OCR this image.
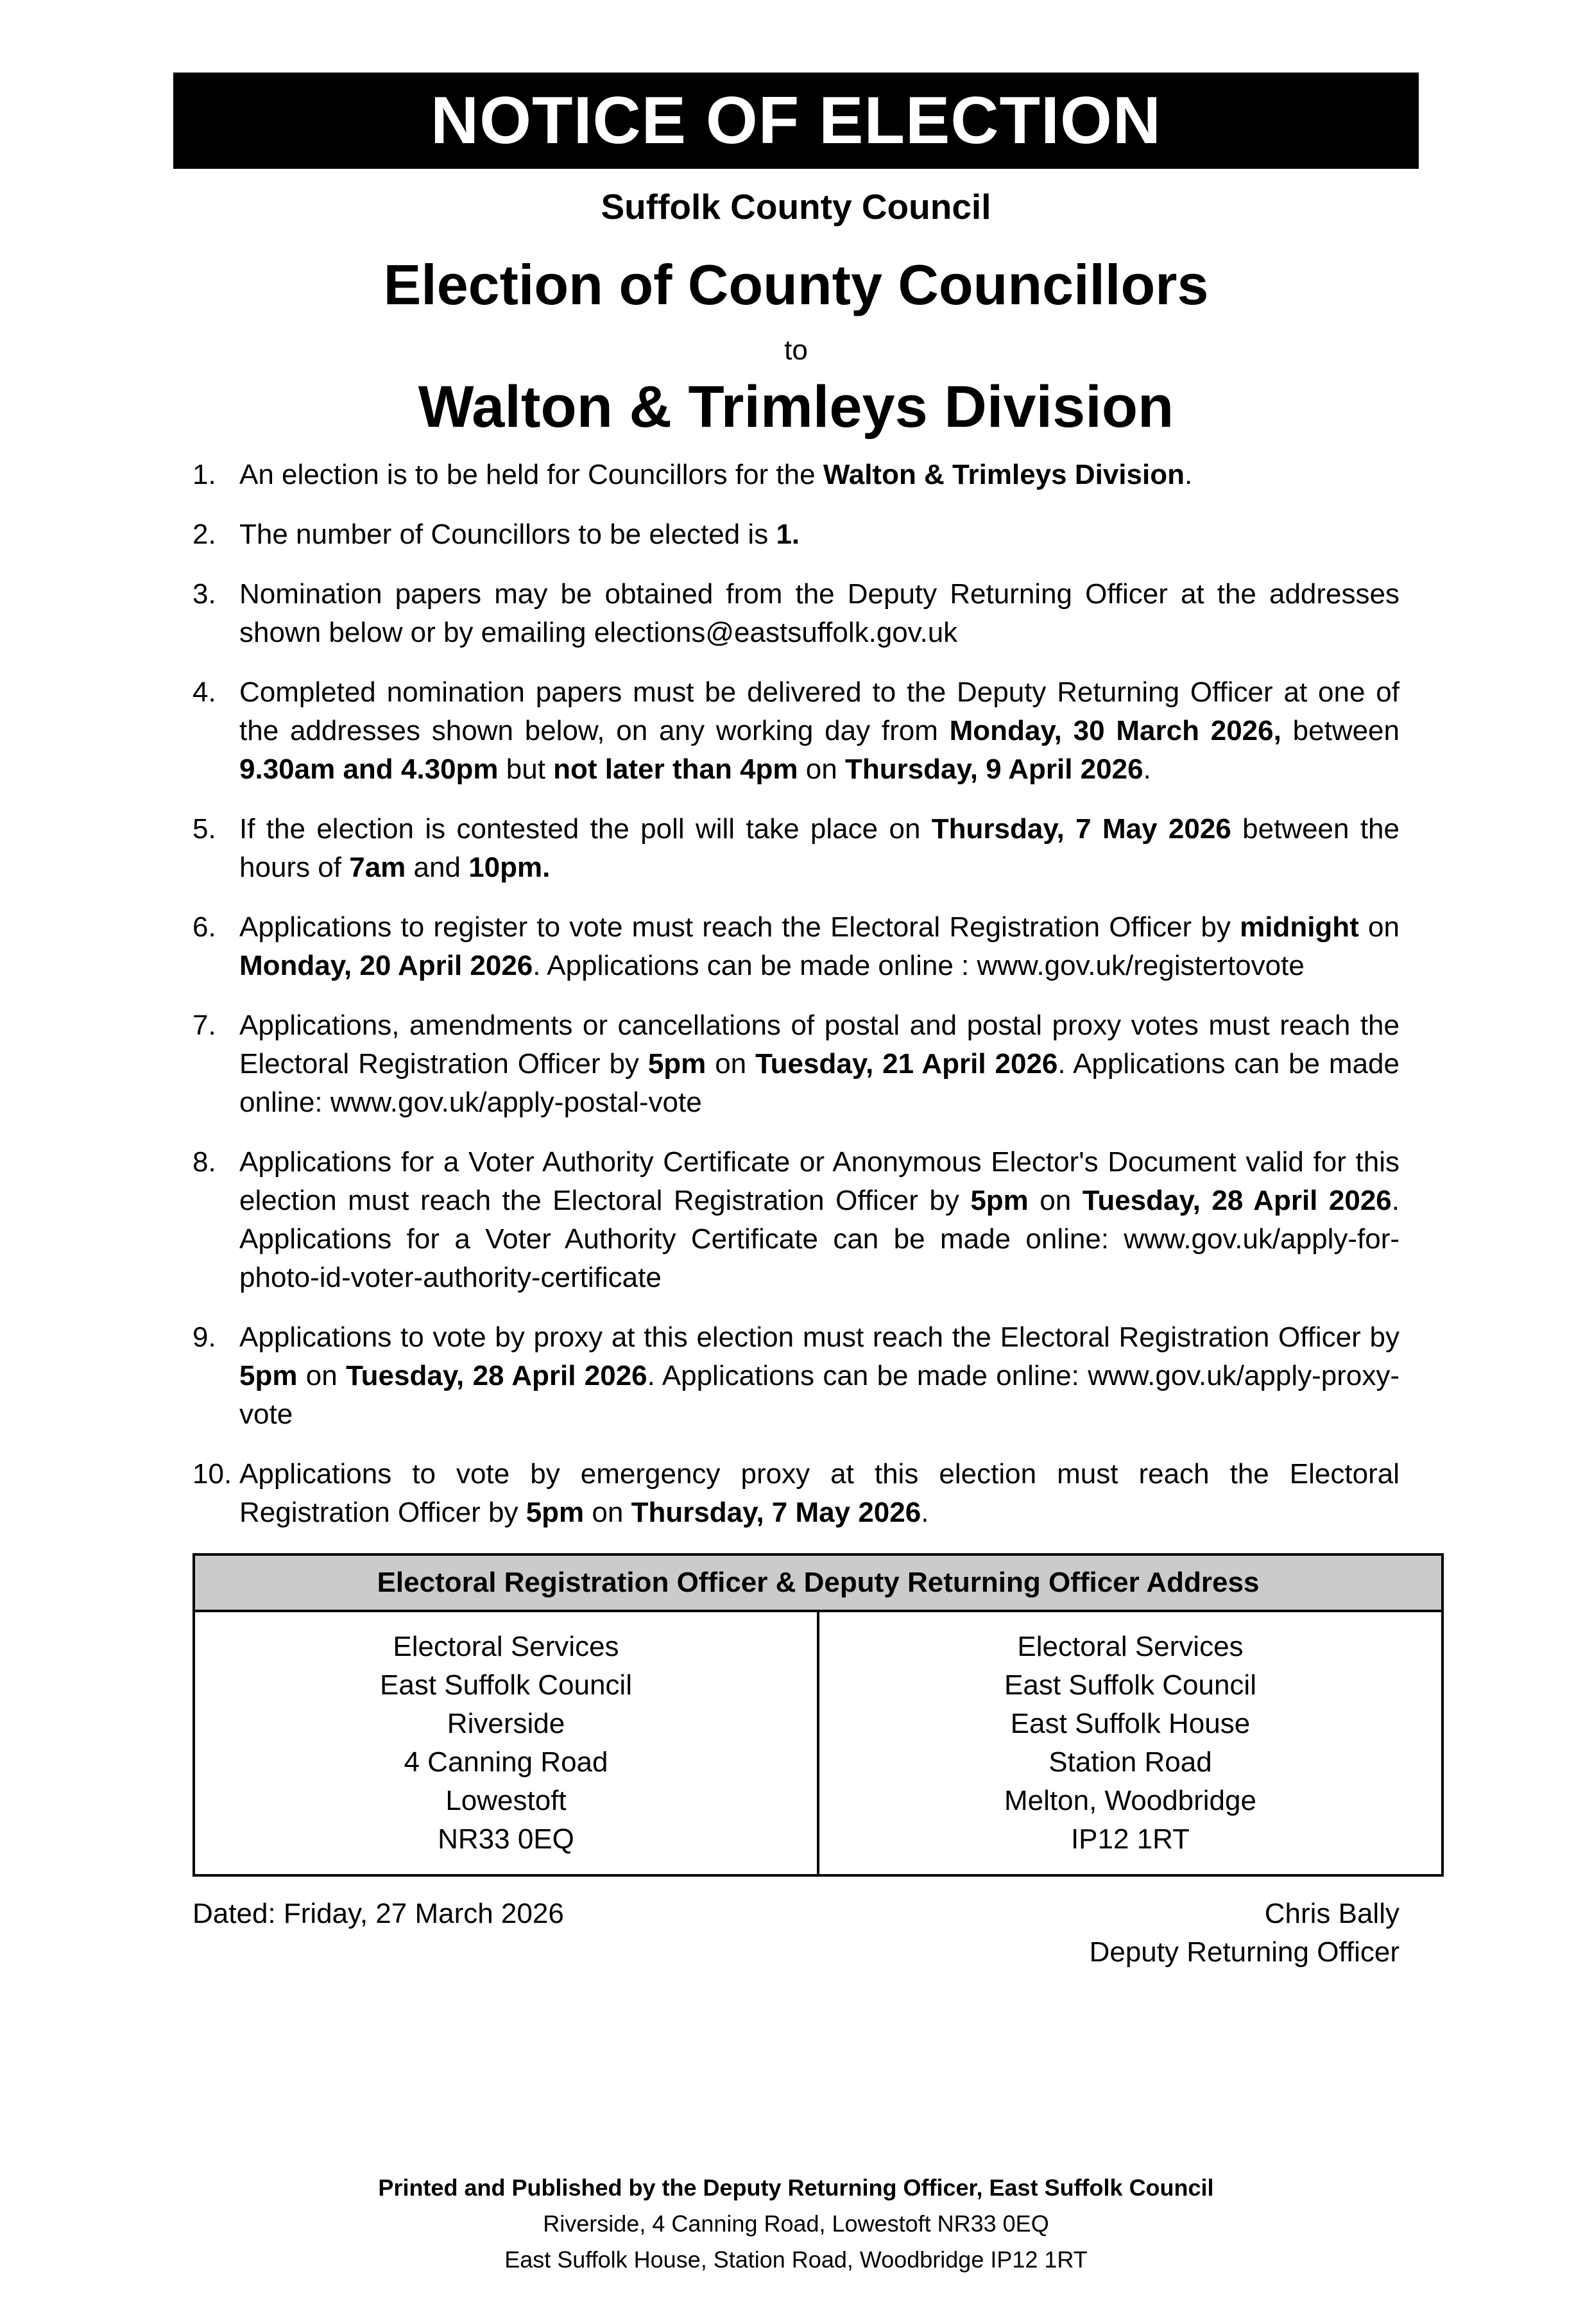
NOTICE OF ELECTION
Suffolk County Council
Election of County Councillors
to
Walton & Trimleys Division
1. An election is to be held for Councillors for the Walton & Trimleys Division.
2. The number of Councillors to be elected is 1.
3. Nomination papers may be obtained from the Deputy Returning Officer at the addresses shown below or by emailing elections@eastsuffolk.gov.uk
4. Completed nomination papers must be delivered to the Deputy Returning Officer at one of the addresses shown below, on any working day from Monday, 30 March 2026, between 9.30am and 4.30pm but not later than 4pm on Thursday, 9 April 2026.
5. If the election is contested the poll will take place on Thursday, 7 May 2026 between the hours of 7am and 10pm.
6. Applications to register to vote must reach the Electoral Registration Officer by midnight on Monday, 20 April 2026. Applications can be made online : www.gov.uk/registertovote
7. Applications, amendments or cancellations of postal and postal proxy votes must reach the Electoral Registration Officer by 5pm on Tuesday, 21 April 2026. Applications can be made online: www.gov.uk/apply-postal-vote
8. Applications for a Voter Authority Certificate or Anonymous Elector's Document valid for this election must reach the Electoral Registration Officer by 5pm on Tuesday, 28 April 2026. Applications for a Voter Authority Certificate can be made online: www.gov.uk/apply-for-photo-id-voter-authority-certificate
9. Applications to vote by proxy at this election must reach the Electoral Registration Officer by 5pm on Tuesday, 28 April 2026. Applications can be made online: www.gov.uk/apply-proxy-vote
10. Applications to vote by emergency proxy at this election must reach the Electoral Registration Officer by 5pm on Thursday, 7 May 2026.
Electoral Registration Officer & Deputy Returning Officer Address

Electoral Services
East Suffolk Council
Riverside
4 Canning Road
Lowestoft
NR33 0EQ

Electoral Services
East Suffolk Council
East Suffolk House
Station Road
Melton, Woodbridge
IP12 1RT
Dated: Friday, 27 March 2026	Chris Bally
Deputy Returning Officer
Printed and Published by the Deputy Returning Officer, East Suffolk Council
Riverside, 4 Canning Road, Lowestoft NR33 0EQ
East Suffolk House, Station Road, Woodbridge IP12 1RT
